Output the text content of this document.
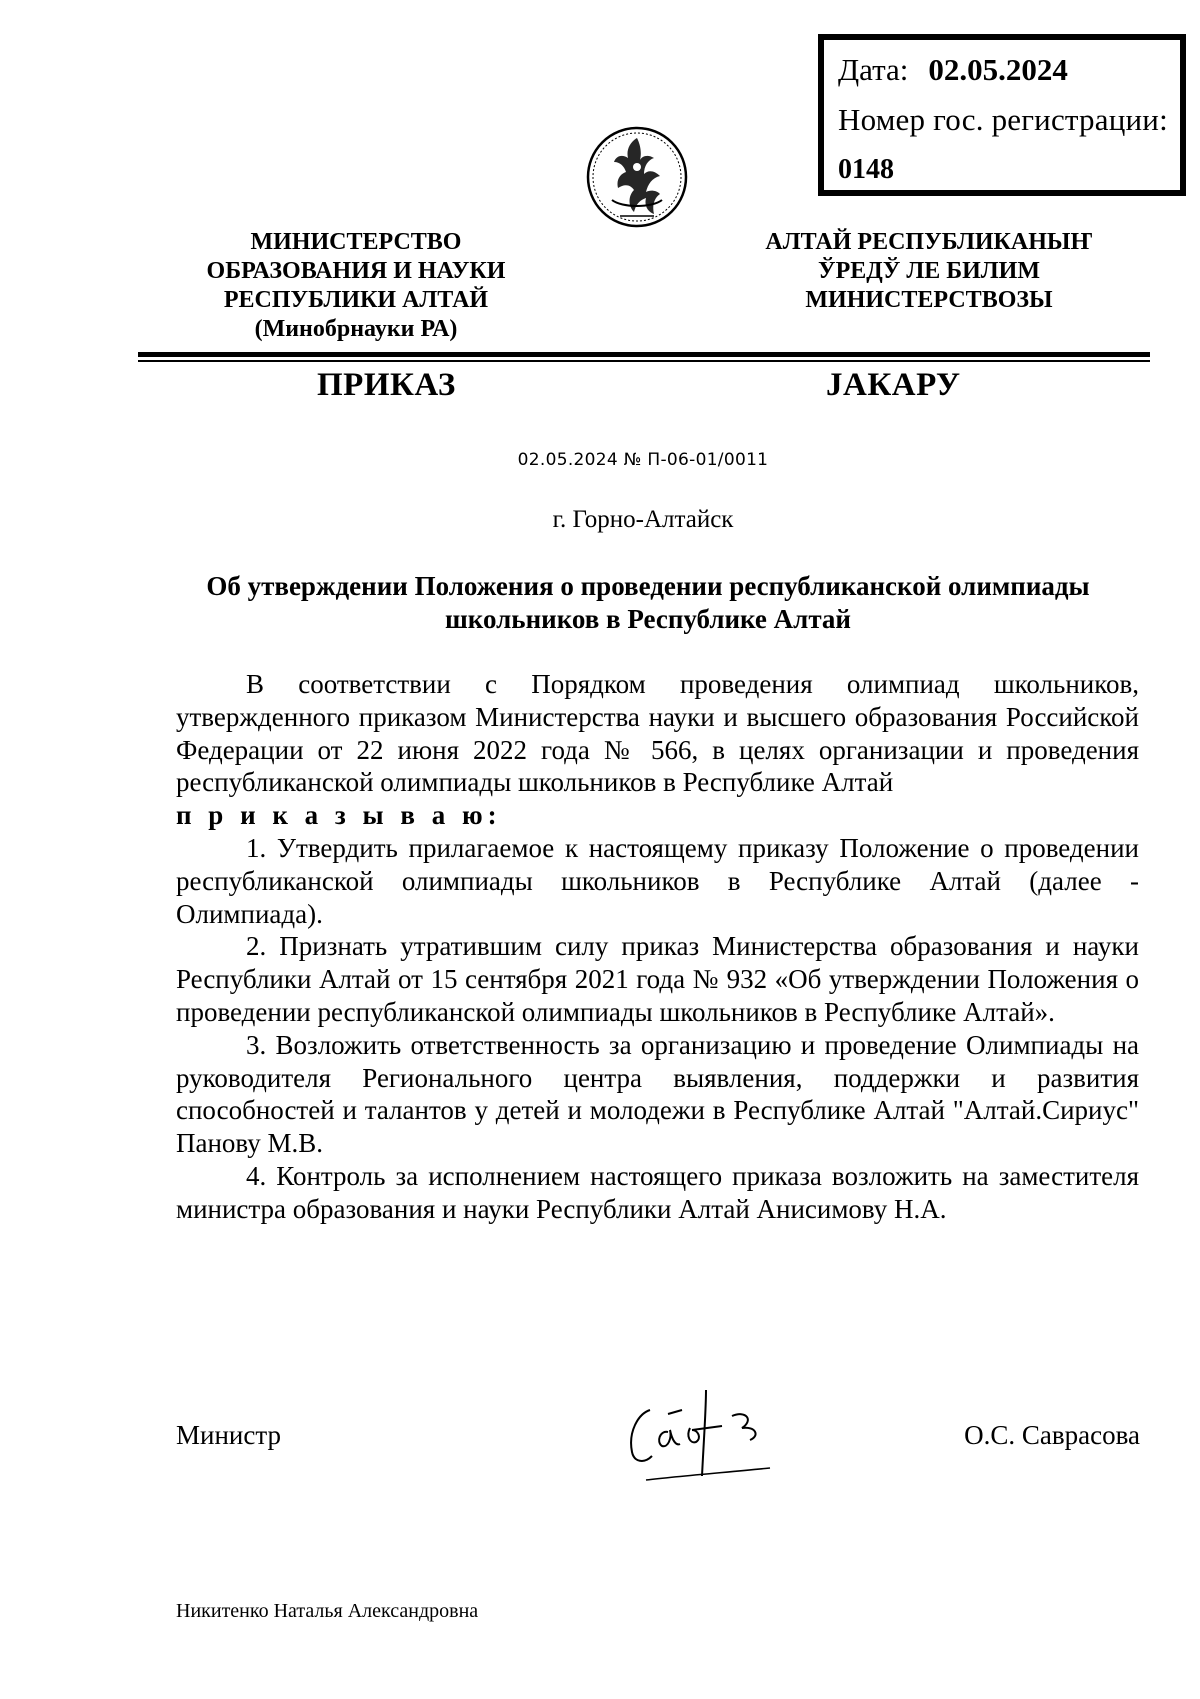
Дата: 02.05.2024
Номер гос. регистрации:
0148
МИНИСТЕРСТВО
ОБРАЗОВАНИЯ И НАУКИ
РЕСПУБЛИКИ АЛТАЙ
(Минобрнауки РА)
АЛТАЙ РЕСПУБЛИКАНЫҤ
ЎРЕДЎ ЛЕ БИЛИМ
МИНИСТЕРСТВОЗЫ
ПРИКАЗ	JАКАРУ
02.05.2024 № П-06-01/0011
г. Горно-Алтайск
Об утверждении Положения о проведении республиканской олимпиады школьников в Республике Алтай

В соответствии с Порядком проведения олимпиад школьников, утвержденного приказом Министерства науки и высшего образования Российской Федерации от 22 июня 2022 года № 566, в целях организации и проведения республиканской олимпиады школьников в Республике Алтай

п р и к а з ы в а ю:

1. Утвердить прилагаемое к настоящему приказу Положение о проведении республиканской олимпиады школьников в Республике Алтай (далее - Олимпиада).

2. Признать утратившим силу приказ Министерства образования и науки Республики Алтай от 15 сентября 2021 года № 932 «Об утверждении Положения о проведении республиканской олимпиады школьников в Республике Алтай».

3. Возложить ответственность за организацию и проведение Олимпиады на руководителя Регионального центра выявления, поддержки и развития способностей и талантов у детей и молодежи в Республике Алтай "Алтай.Сириус" Панову М.В.

4. Контроль за исполнением настоящего приказа возложить на заместителя министра образования и науки Республики Алтай Анисимову Н.А.

Министр	О.С. Саврасова
Никитенко Наталья Александровна
